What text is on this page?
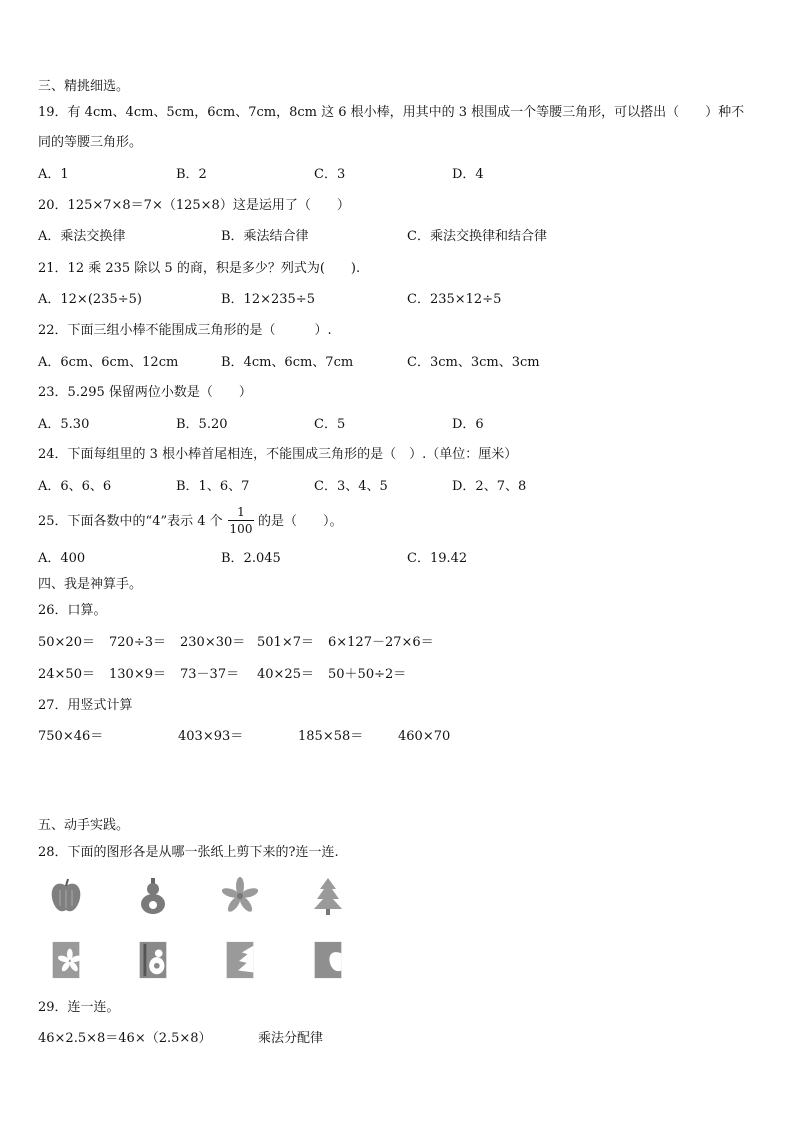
三、精挑细选。
19．有 4cm、4cm、5cm，6cm、7cm，8cm 这 6 根小棒，用其中的 3 根围成一个等腰三角形，可以搭出（　　）种不
同的等腰三角形。
A．1	B．2	C．3	D．4
20．125×7×8＝7×（125×8）这是运用了（　　）
A．乘法交换律	B．乘法结合律	C．乘法交换律和结合律
21．12 乘 235 除以 5 的商，积是多少？列式为(　　).
A．12×(235÷5)	B．12×235÷5	C．235×12÷5
22．下面三组小棒不能围成三角形的是（　　　）.
A．6cm、6cm、12cm	B．4cm、6cm、7cm	C．3cm、3cm、3cm
23．5.295 保留两位小数是（　　）
A．5.30	B．5.20	C．5	D．6
24．下面每组里的 3 根小棒首尾相连，不能围成三角形的是（　）.（单位：厘米）
A．6、6、6	B．1、6、7	C．3、4、5	D．2、7、8
25．下面各数中的“4”表示 4 个
1
100 的是（　　）。
A．400	B．2.045	C．19.42
四、我是神算手。
26．口算。
50×20＝ 720÷3＝ 230×30＝ 501×7＝ 6×127－27×6＝
24×50＝ 130×9＝ 73－37＝ 40×25＝ 50＋50÷2＝
27．用竖式计算
750×46＝	403×93＝	185×58＝	460×70
五、动手实践。
28．下面的图形各是从哪一张纸上剪下来的?连一连.
29．连一连。
46×2.5×8＝46×（2.5×8）	乘法分配律
